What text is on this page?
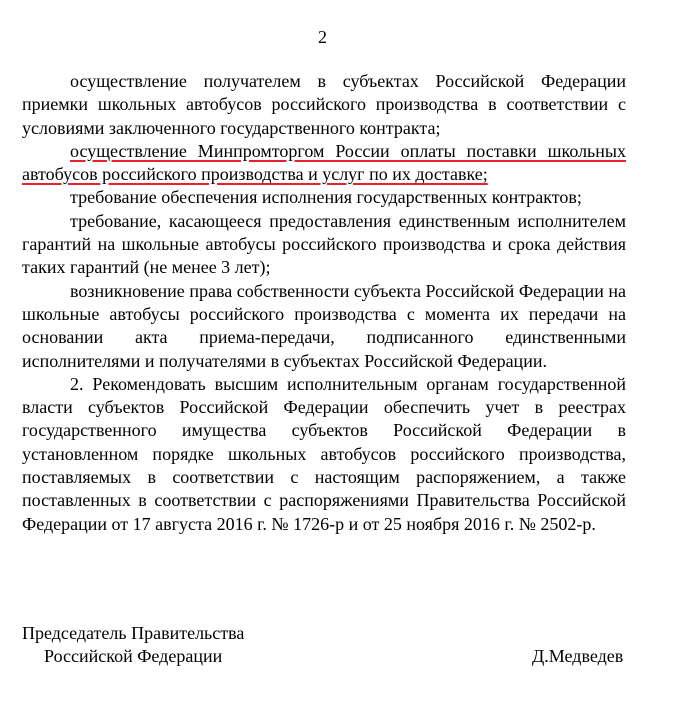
2

осуществление получателем в субъектах Российской Федерации приемки школьных автобусов российского производства в соответствии с условиями заключенного государственного контракта;

осуществление Минпромторгом России оплаты поставки школьных автобусов российского производства и услуг по их доставке;

требование обеспечения исполнения государственных контрактов;

требование, касающееся предоставления единственным исполнителем гарантий на школьные автобусы российского производства и срока действия таких гарантий (не менее 3 лет);

возникновение права собственности субъекта Российской Федерации на школьные автобусы российского производства с момента их передачи на основании акта приема-передачи, подписанного единственными исполнителями и получателями в субъектах Российской Федерации.

2. Рекомендовать высшим исполнительным органам государственной власти субъектов Российской Федерации обеспечить учет в реестрах государственного имущества субъектов Российской Федерации в установленном порядке школьных автобусов российского производства, поставляемых в соответствии с настоящим распоряжением, а также поставленных в соответствии с распоряжениями Правительства Российской Федерации от 17 августа 2016 г. № 1726-р и от 25 ноября 2016 г. № 2502-р.

Председатель Правительства
Российской Федерации	Д.Медведев
